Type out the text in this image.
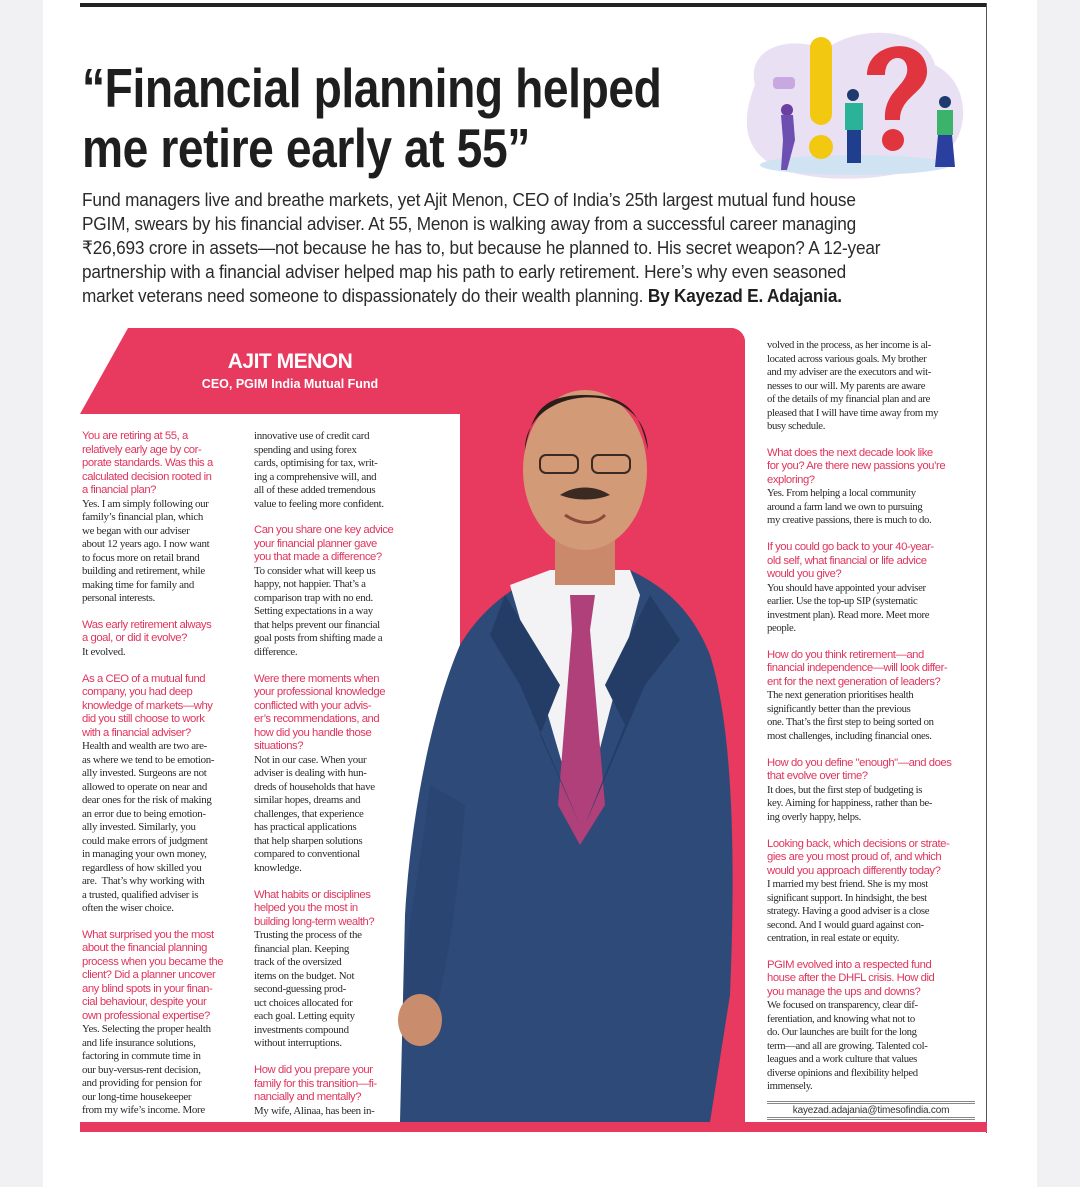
“Financial planning helped
me retire early at 55”
Fund managers live and breathe markets, yet Ajit Menon, CEO of India’s 25th largest mutual fund house
PGIM, swears by his financial adviser. At 55, Menon is walking away from a successful career managing
₹26,693 crore in assets—not because he has to, but because he planned to. His secret weapon? A 12-year
partnership with a financial adviser helped map his path to early retirement. Here’s why even seasoned
market veterans need someone to dispassionately do their wealth planning. By Kayezad E. Adajania.
AJIT MENON
CEO, PGIM India Mutual Fund
You are retiring at 55, a
relatively early age by cor-
porate standards. Was this a
calculated decision rooted in
a financial plan?
Yes. I am simply following our
family’s financial plan, which
we began with our adviser
about 12 years ago. I now want
to focus more on retail brand
building and retirement, while
making time for family and
personal interests.
Was early retirement always
a goal, or did it evolve?
It evolved.
As a CEO of a mutual fund
company, you had deep
knowledge of markets—why
did you still choose to work
with a financial adviser?
Health and wealth are two are-
as where we tend to be emotion-
ally invested. Surgeons are not
allowed to operate on near and
dear ones for the risk of making
an error due to being emotion-
ally invested. Similarly, you
could make errors of judgment
in managing your own money,
regardless of how skilled you
are.  That’s why working with
a trusted, qualified adviser is
often the wiser choice.
What surprised you the most
about the financial planning
process when you became the
client? Did a planner uncover
any blind spots in your finan-
cial behaviour, despite your
own professional expertise?
Yes. Selecting the proper health
and life insurance solutions,
factoring in commute time in
our buy-versus-rent decision,
and providing for pension for
our long-time housekeeper
from my wife’s income. More
innovative use of credit card
spending and using forex
cards, optimising for tax, writ-
ing a comprehensive will, and
all of these added tremendous
value to feeling more confident.
Can you share one key advice
your financial planner gave
you that made a difference?
To consider what will keep us
happy, not happier. That’s a
comparison trap with no end.
Setting expectations in a way
that helps prevent our financial
goal posts from shifting made a
difference.
Were there moments when
your professional knowledge
conflicted with your advis-
er’s recommendations, and
how did you handle those
situations?
Not in our case. When your
adviser is dealing with hun-
dreds of households that have
similar hopes, dreams and
challenges, that experience
has practical applications
that help sharpen solutions
compared to conventional
knowledge.
What habits or disciplines
helped you the most in
building long-term wealth?
Trusting the process of the
financial plan. Keeping
track of the oversized
items on the budget. Not
second-guessing prod-
uct choices allocated for
each goal. Letting equity
investments compound
without interruptions.
How did you prepare your
family for this transition—fi-
nancially and mentally?
My wife, Alinaa, has been in-
volved in the process, as her income is al-
located across various goals. My brother
and my adviser are the executors and wit-
nesses to our will. My parents are aware
of the details of my financial plan and are
pleased that I will have time away from my
busy schedule.
What does the next decade look like
for you? Are there new passions you’re
exploring?
Yes. From helping a local community
around a farm land we own to pursuing
my creative passions, there is much to do.
If you could go back to your 40-year-
old self, what financial or life advice
would you give?
You should have appointed your adviser
earlier. Use the top-up SIP (systematic
investment plan). Read more. Meet more
people.
How do you think retirement—and
financial independence—will look differ-
ent for the next generation of leaders?
The next generation prioritises health
significantly better than the previous
one. That’s the first step to being sorted on
most challenges, including financial ones.
How do you define "enough"—and does
that evolve over time?
It does, but the first step of budgeting is
key. Aiming for happiness, rather than be-
ing overly happy, helps.
Looking back, which decisions or strate-
gies are you most proud of, and which
would you approach differently today?
I married my best friend. She is my most
significant support. In hindsight, the best
strategy. Having a good adviser is a close
second. And I would guard against con-
centration, in real estate or equity.
PGIM evolved into a respected fund
house after the DHFL crisis. How did
you manage the ups and downs?
We focused on transparency, clear dif-
ferentiation, and knowing what not to
do. Our launches are built for the long
term—and all are growing. Talented col-
leagues and a work culture that values
diverse opinions and flexibility helped
immensely.
kayezad.adajania@timesofindia.com
